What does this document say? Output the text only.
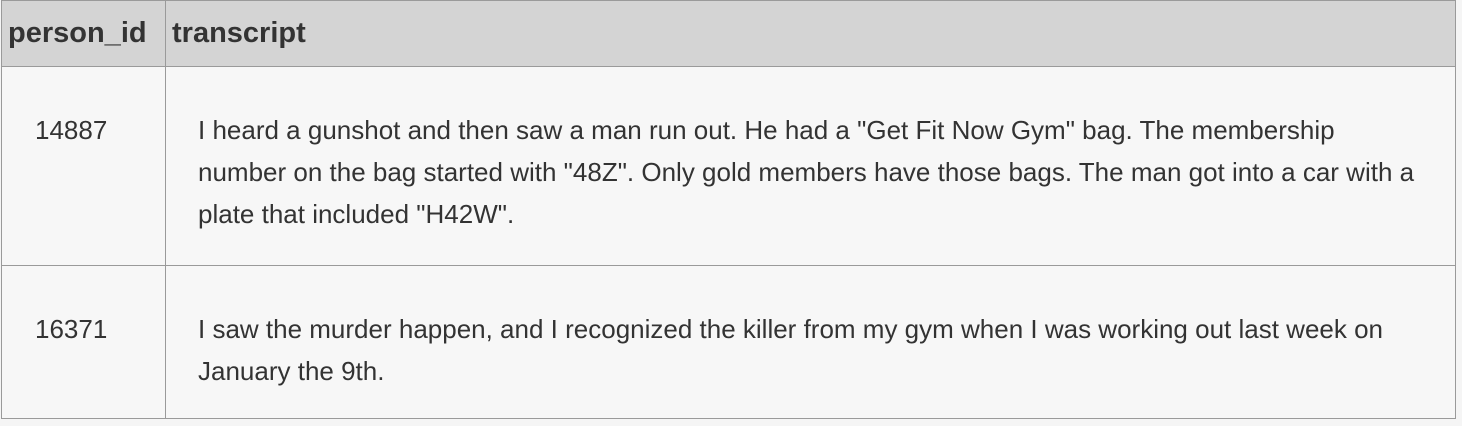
person_id	transcript
14887	I heard a gunshot and then saw a man run out. He had a "Get Fit Now Gym" bag. The membership number on the bag started with "48Z". Only gold members have those bags. The man got into a car with a plate that included "H42W".
16371	I saw the murder happen, and I recognized the killer from my gym when I was working out last week on January the 9th.
